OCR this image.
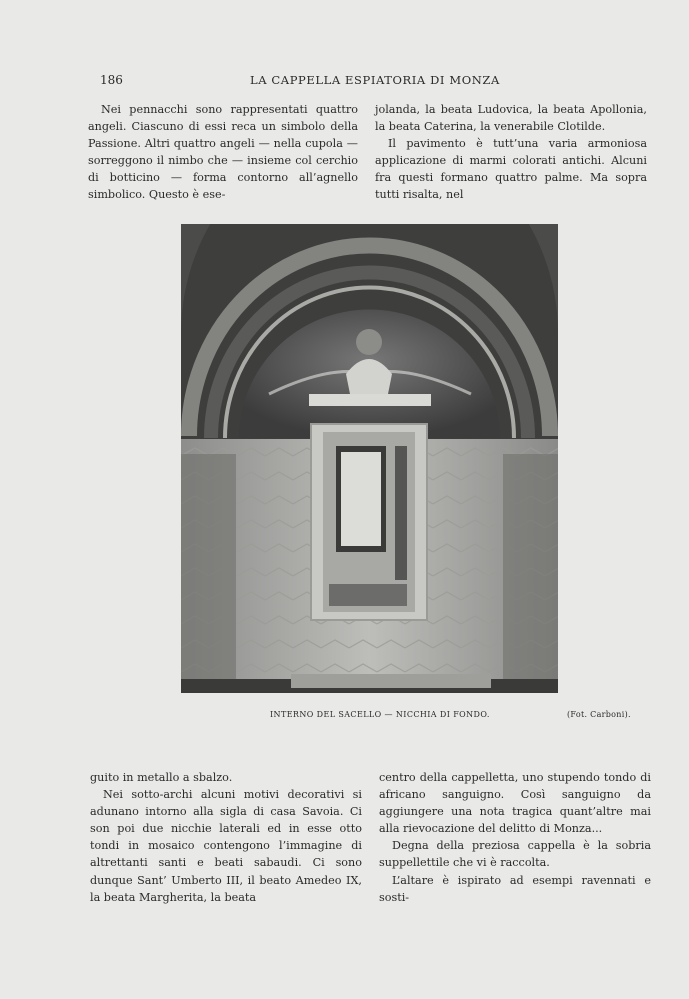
186	LA CAPPELLA ESPIATORIA DI MONZA

Nei pennacchi sono rappresentati quattro angeli. Ciascuno di essi reca un simbolo della Passione. Altri quattro angeli — nella cupola — sorreggono il nimbo che — insieme col cerchio di botticino — forma contorno all’agnello simbolico. Questo è ese-

jolanda, la beata Ludovica, la beata Apollonia, la beata Caterina, la venerabile Clotilde.

Il pavimento è tutt’una varia armoniosa applicazione di marmi colorati antichi. Alcuni fra questi formano quattro palme. Ma sopra tutti risalta, nel

INTERNO DEL SACELLO — NICCHIA DI FONDO.	(Fot. Carboni).

guito in metallo a sbalzo.

Nei sotto-archi alcuni motivi decorativi si adunano intorno alla sigla di casa Savoia. Ci son poi due nicchie laterali ed in esse otto tondi in mosaico contengono l’immagine di altrettanti santi e beati sabaudi. Ci sono dunque Sant’ Umberto III, il beato Amedeo IX, la beata Margherita, la beata

centro della cappelletta, uno stupendo tondo di africano sanguigno. Così sanguigno da aggiungere una nota tragica quant’altre mai alla rievocazione del delitto di Monza...

Degna della preziosa cappella è la sobria suppellettile che vi è raccolta.

L’altare è ispirato ad esempi ravennati e sosti-
